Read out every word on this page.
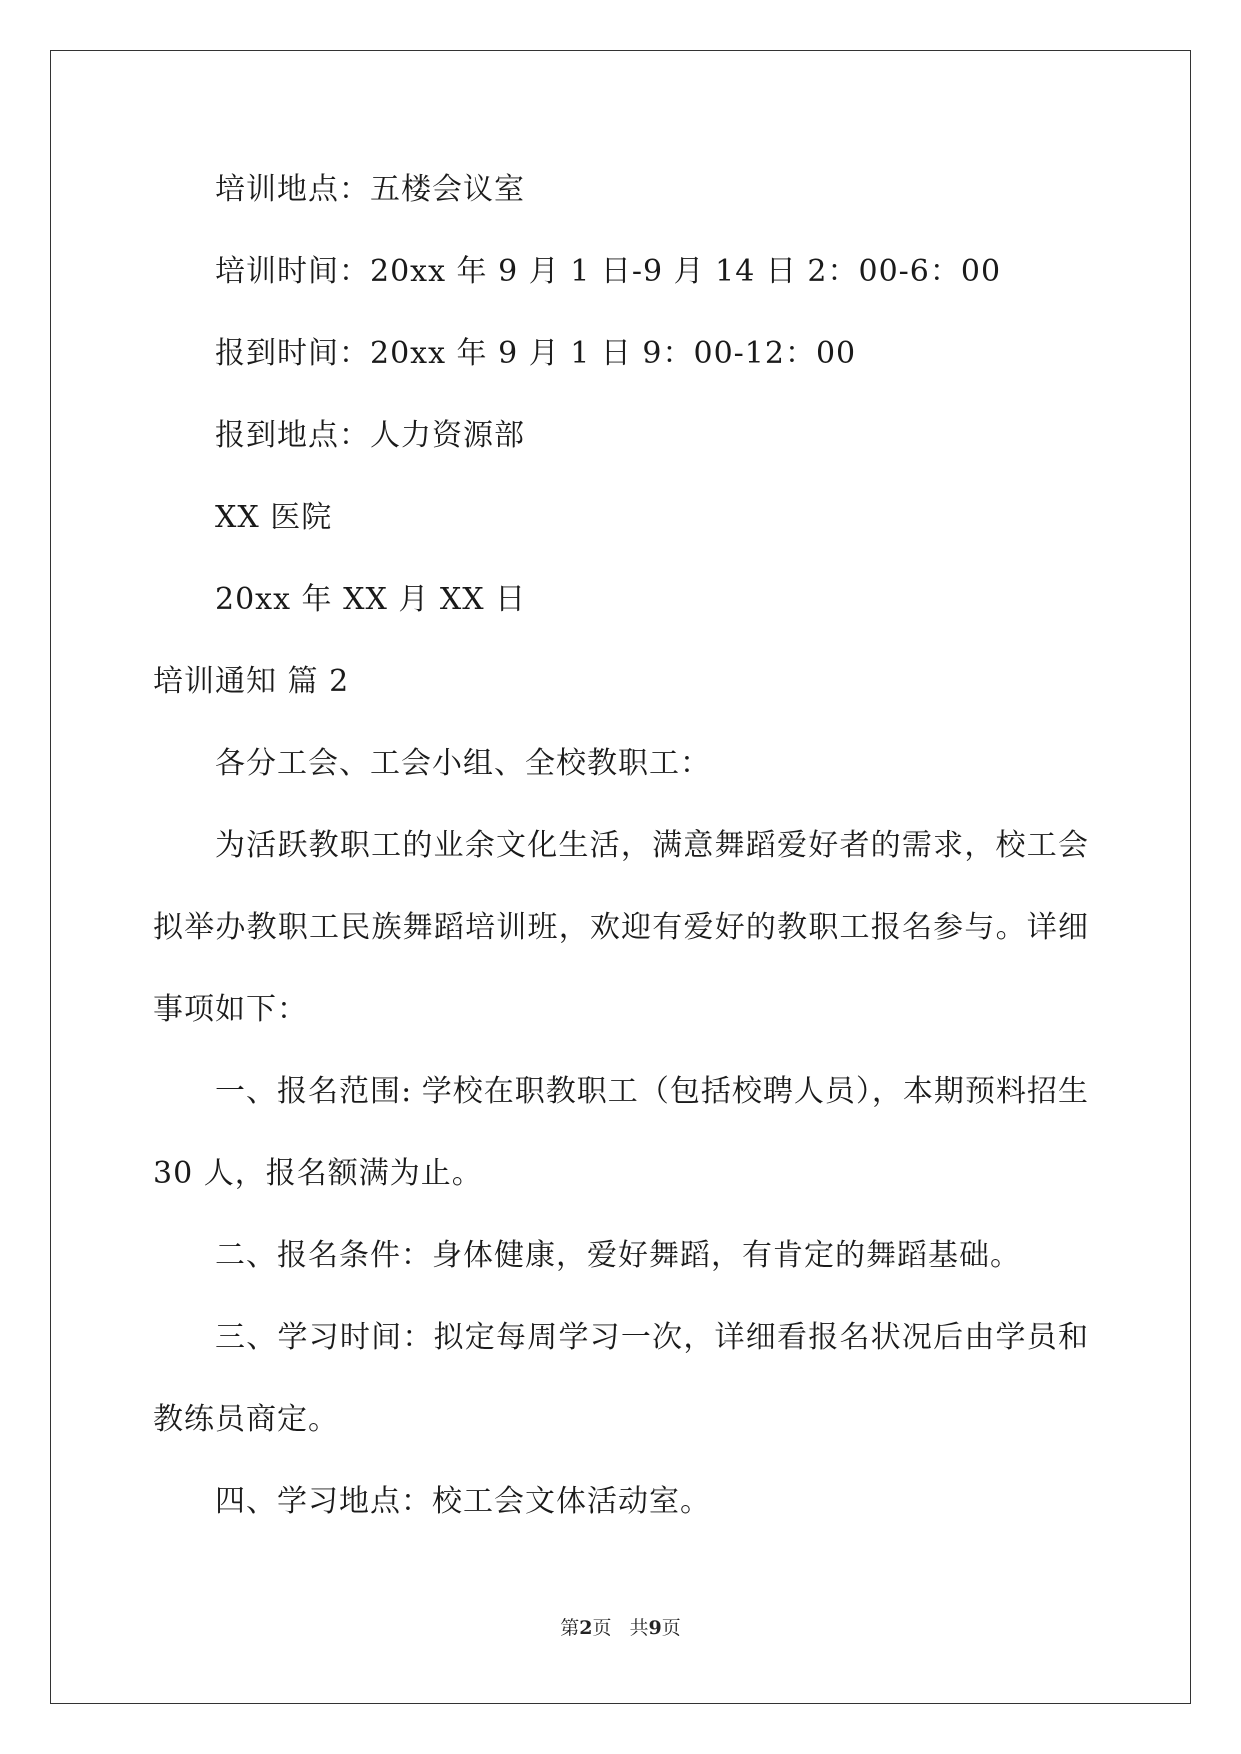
培训地点：五楼会议室
培训时间：20xx 年 9 月 1 日-9 月 14 日 2：00-6：00
报到时间：20xx 年 9 月 1 日 9：00-12：00
报到地点：人力资源部
XX 医院
20xx 年 XX 月 XX 日
培训通知 篇 2
各分工会、工会小组、全校教职工：
为活跃教职工的业余文化生活，满意舞蹈爱好者的需求，校工会
拟举办教职工民族舞蹈培训班，欢迎有爱好的教职工报名参与。详细
事项如下：
一、报名范围: 学校在职教职工（包括校聘人员），本期预料招生
30 人，报名额满为止。
二、报名条件：身体健康，爱好舞蹈，有肯定的舞蹈基础。
三、学习时间：拟定每周学习一次，详细看报名状况后由学员和
教练员商定。
四、学习地点：校工会文体活动室。
第2页 共9页
